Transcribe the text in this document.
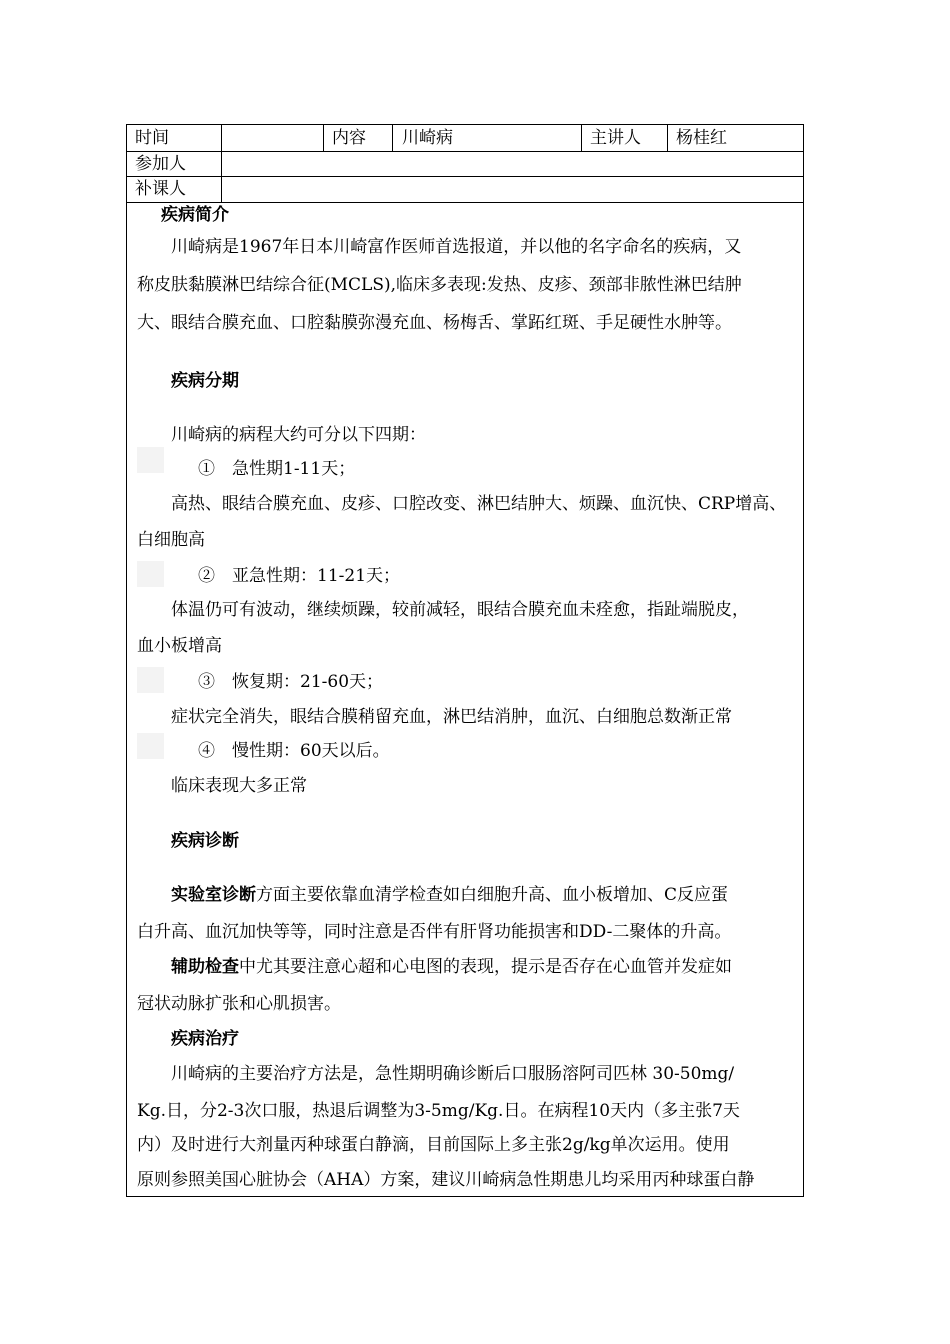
时间	内容 川崎病	主讲人 杨桂红
参加人
补课人
疾病简介
川崎病是1967年日本川崎富作医师首选报道，并以他的名字命名的疾病，又
称皮肤黏膜淋巴结综合征(MCLS),临床多表现:发热、皮疹、颈部非脓性淋巴结肿
大、眼结合膜充血、口腔黏膜弥漫充血、杨梅舌、掌跖红斑、手足硬性水肿等。
疾病分期
川崎病的病程大约可分以下四期：
①　急性期1-11天；
高热、眼结合膜充血、皮疹、口腔改变、淋巴结肿大、烦躁、血沉快、CRP增高、
白细胞高
②　亚急性期：11-21天；
体温仍可有波动，继续烦躁，较前减轻，眼结合膜充血未痊愈，指趾端脱皮，
血小板增高
③　恢复期：21-60天；
症状完全消失，眼结合膜稍留充血，淋巴结消肿，血沉、白细胞总数渐正常
④　慢性期：60天以后。
临床表现大多正常
疾病诊断
实验室诊断方面主要依靠血清学检查如白细胞升高、血小板增加、C反应蛋
白升高、血沉加快等等，同时注意是否伴有肝肾功能损害和DD-二聚体的升高。
辅助检查中尤其要注意心超和心电图的表现，提示是否存在心血管并发症如
冠状动脉扩张和心肌损害。
疾病治疗
川崎病的主要治疗方法是，急性期明确诊断后口服肠溶阿司匹林 30-50mg/
Kg.日，分2-3次口服，热退后调整为3-5mg/Kg.日。在病程10天内（多主张7天
内）及时进行大剂量丙种球蛋白静滴，目前国际上多主张2g/kg单次运用。使用
原则参照美国心脏协会（AHA）方案，建议川崎病急性期患儿均采用丙种球蛋白静
